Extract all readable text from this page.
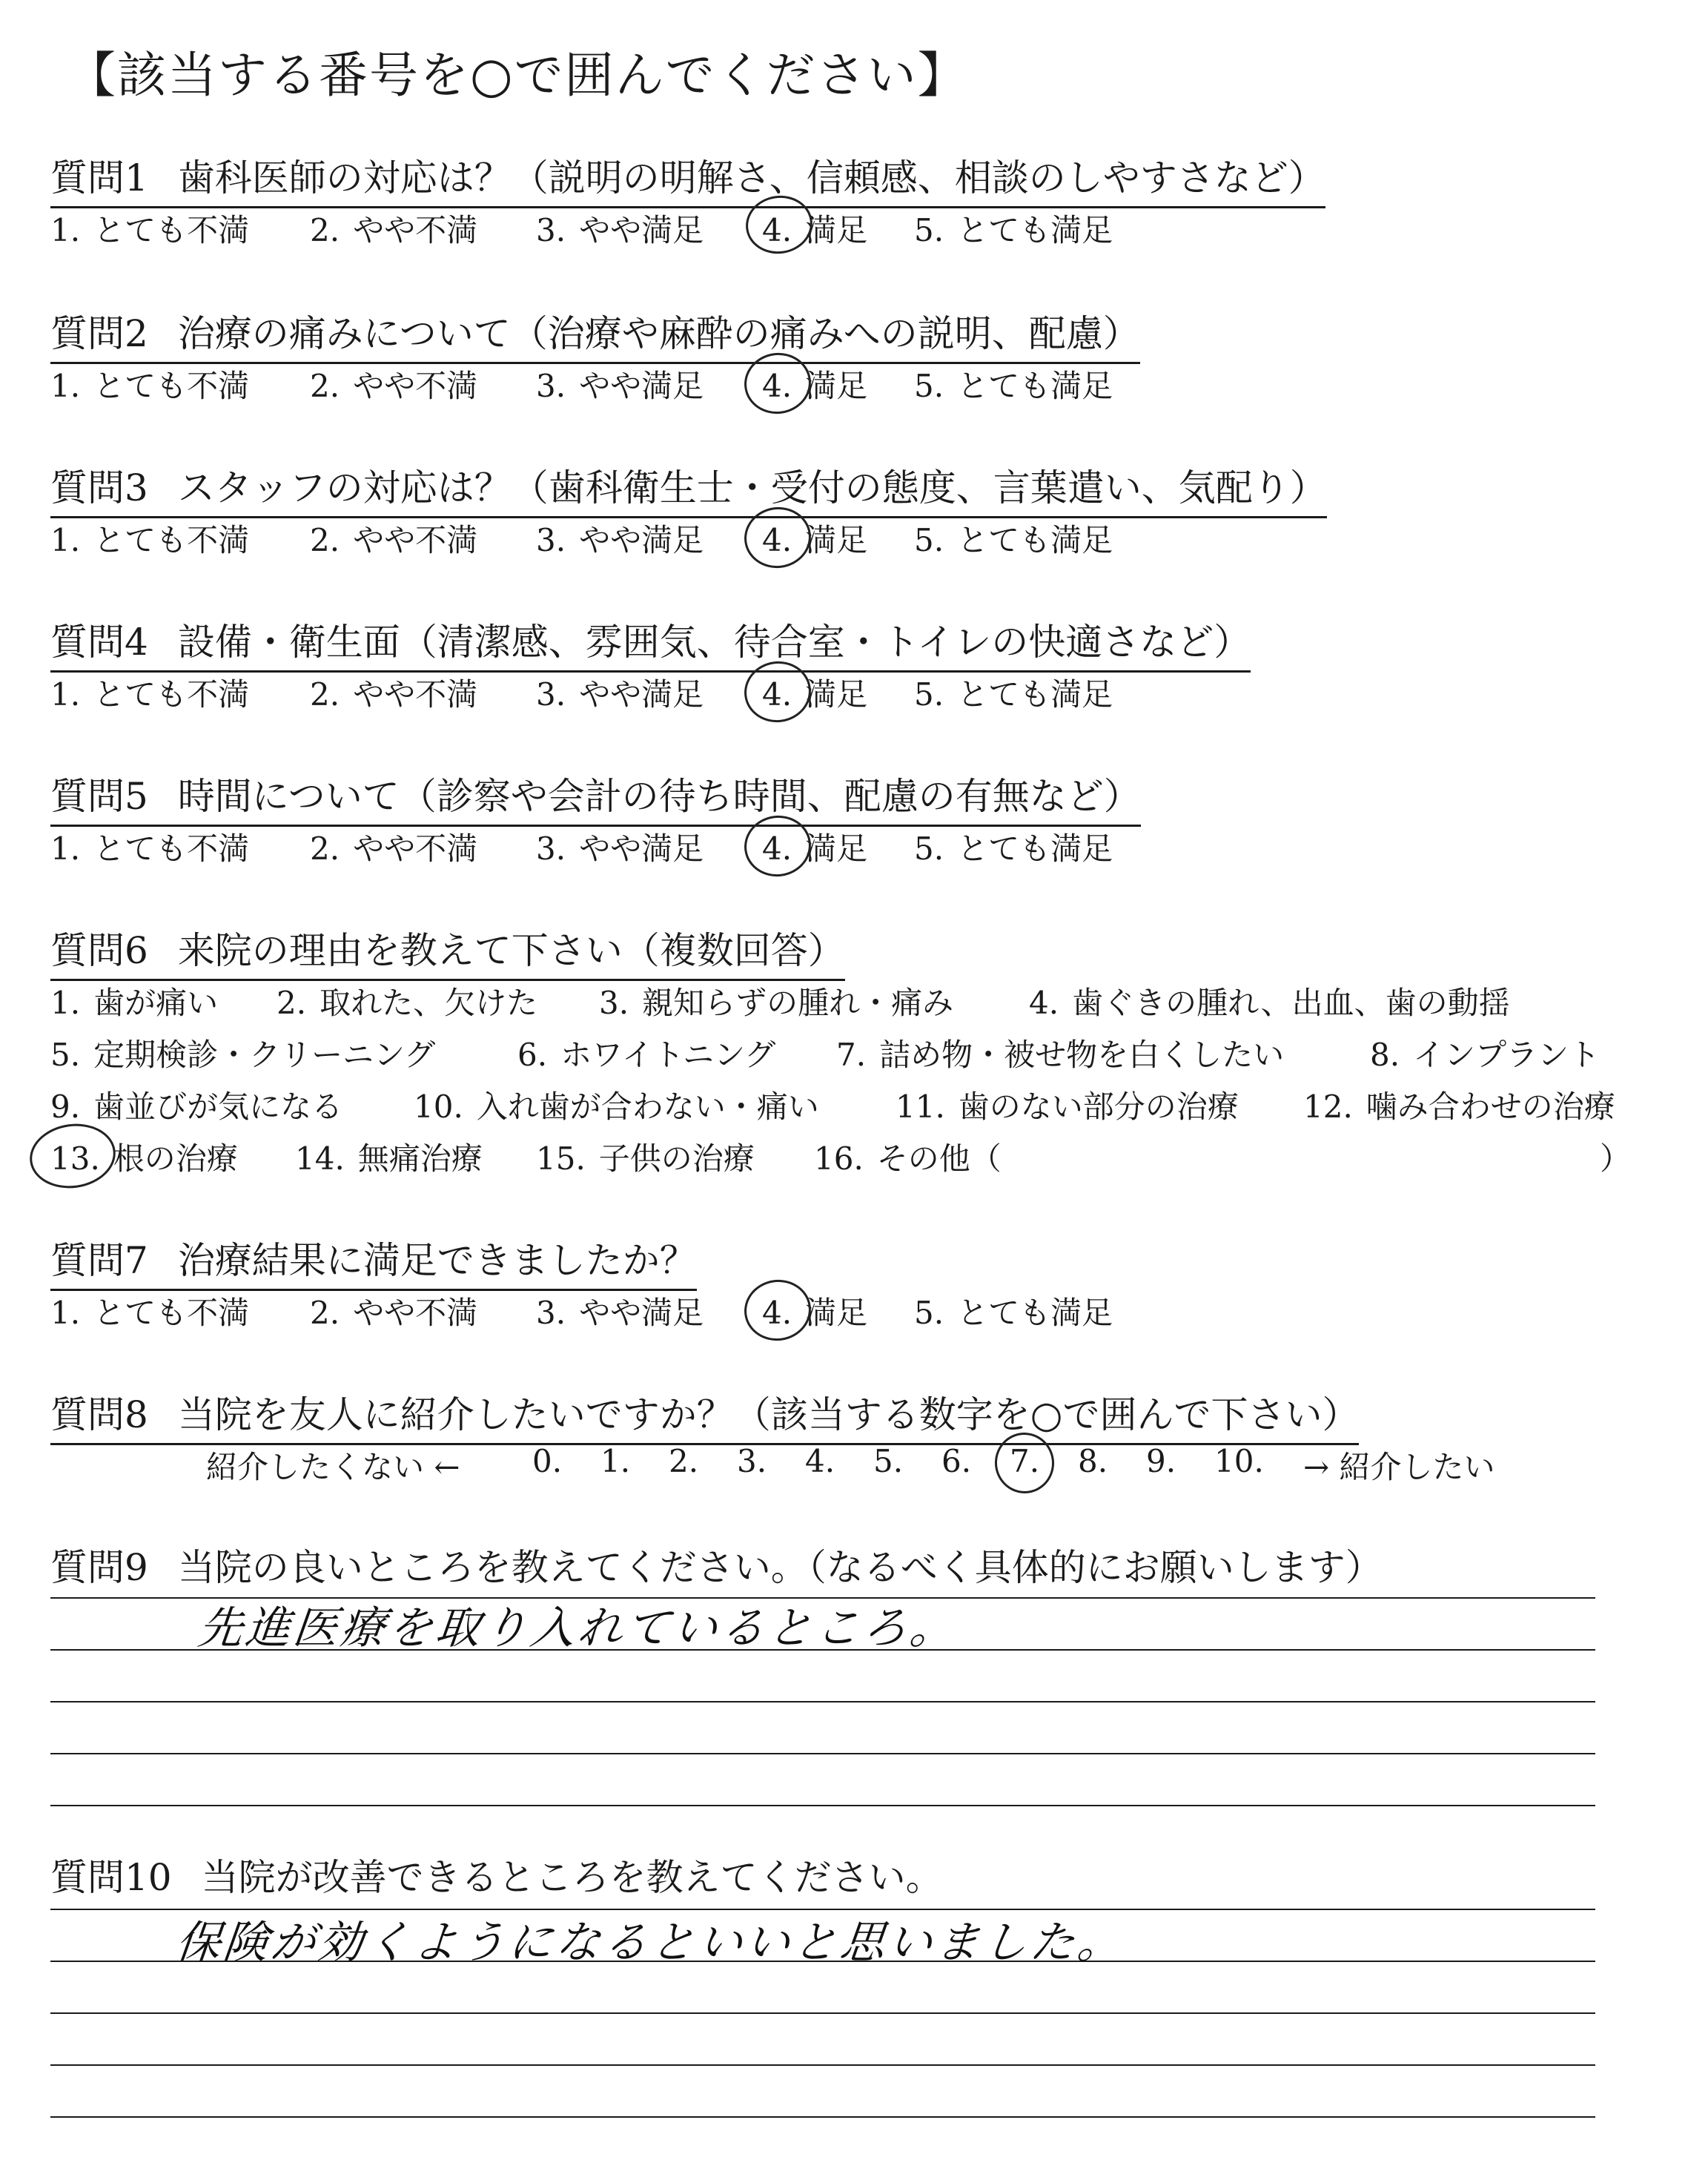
【該当する番号を○で囲んでください】
質問1 歯科医師の対応は？（説明の明解さ、信頼感、相談のしやすさなど）
1. とても不満 2. やや不満 3. やや満足 4. 満足 5. とても満足
質問2 治療の痛みについて（治療や麻酔の痛みへの説明、配慮）
1. とても不満 2. やや不満 3. やや満足 4. 満足 5. とても満足
質問3 スタッフの対応は？（歯科衛生士・受付の態度、言葉遣い、気配り）
1. とても不満 2. やや不満 3. やや満足 4. 満足 5. とても満足
質問4 設備・衛生面（清潔感、雰囲気、待合室・トイレの快適さなど）
1. とても不満 2. やや不満 3. やや満足 4. 満足 5. とても満足
質問5 時間について（診察や会計の待ち時間、配慮の有無など）
1. とても不満 2. やや不満 3. やや満足 4. 満足 5. とても満足
質問6 来院の理由を教えて下さい（複数回答）
1. 歯が痛い 2. 取れた、欠けた 3. 親知らずの腫れ・痛み 4. 歯ぐきの腫れ、出血、歯の動揺
5. 定期検診・クリーニング	6. ホワイトニング 7. 詰め物・被せ物を白くしたい	8. インプラント
9. 歯並びが気になる 10. 入れ歯が合わない・痛い 11. 歯のない部分の治療 12. 噛み合わせの治療
13. 根の治療 14. 無痛治療 15. 子供の治療 16. その他（	）
質問7 治療結果に満足できましたか？
1. とても不満 2. やや不満 3. やや満足 4. 満足 5. とても満足
質問8 当院を友人に紹介したいですか？（該当する数字を○で囲んで下さい）
紹介したくない ← 0. 1. 2. 3. 4. 5. 6. 7. 8. 9. 10. → 紹介したい
質問9 当院の良いところを教えてください。（なるべく具体的にお願いします）
先進医療を取り入れているところ。
質問10 当院が改善できるところを教えてください。
保険が効くようになるといいと思いました。
